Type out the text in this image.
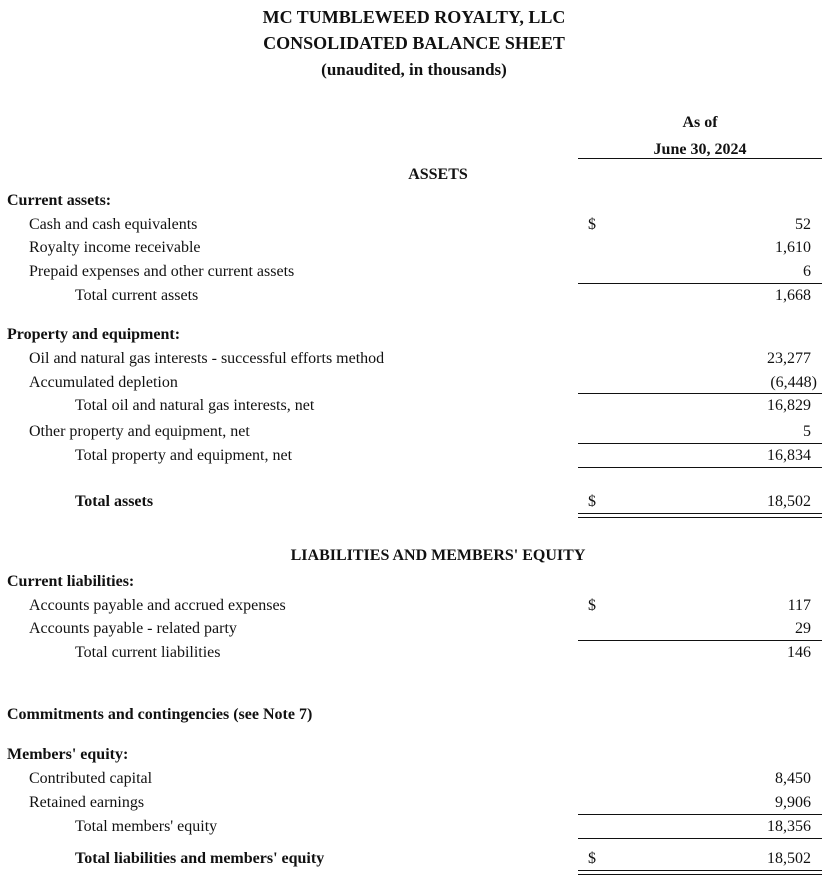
MC TUMBLEWEED ROYALTY, LLC
CONSOLIDATED BALANCE SHEET
(unaudited, in thousands)
As of
June 30, 2024
ASSETS
Current assets:
Cash and cash equivalents	$	52
Royalty income receivable	1,610
Prepaid expenses and other current assets	6
Total current assets	1,668
Property and equipment:
Oil and natural gas interests - successful efforts method	23,277
Accumulated depletion	(6,448)
Total oil and natural gas interests, net	16,829
Other property and equipment, net	5
Total property and equipment, net	16,834
Total assets	$	18,502
LIABILITIES AND MEMBERS' EQUITY
Current liabilities:
Accounts payable and accrued expenses	$	117
Accounts payable - related party	29
Total current liabilities	146
Commitments and contingencies (see Note 7)
Members' equity:
Contributed capital	8,450
Retained earnings	9,906
Total members' equity	18,356
Total liabilities and members' equity	$	18,502
